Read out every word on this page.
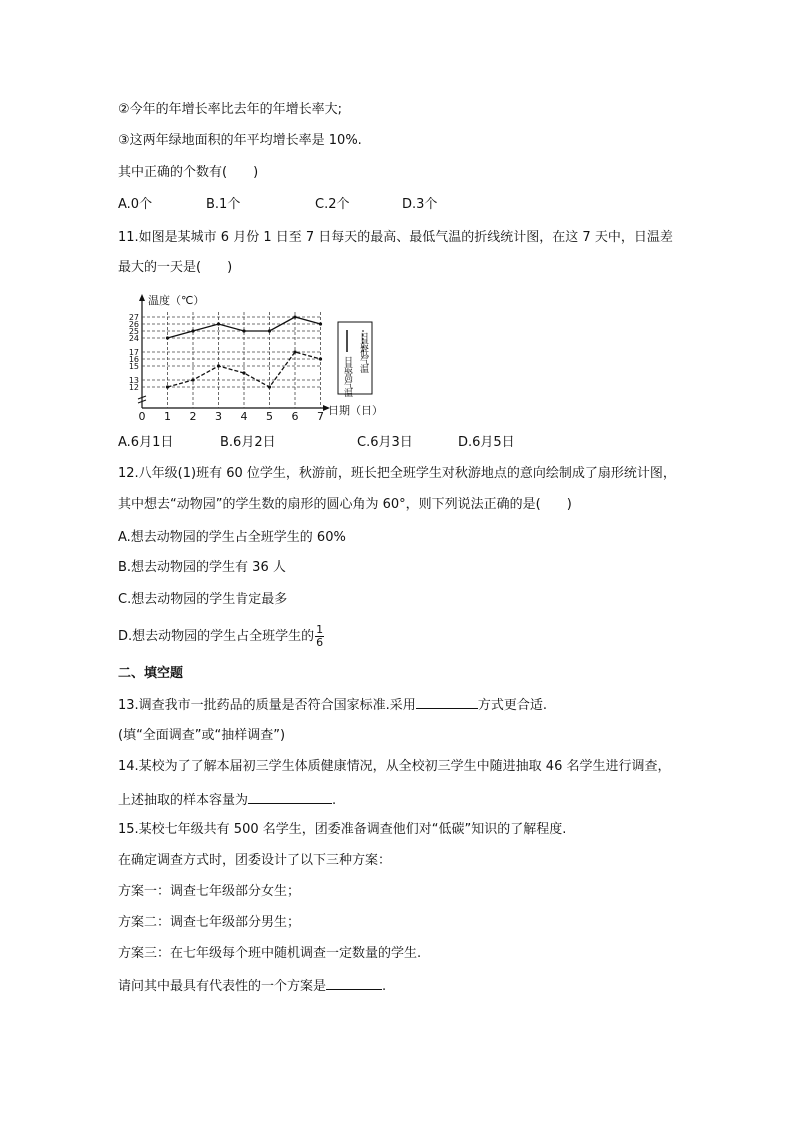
②今年的年增长率比去年的年增长率大;
③这两年绿地面积的年平均增长率是 10%.
其中正确的个数有(　　)
A.0个	B.1个	C.2个	D.3个
11.如图是某城市 6 月份 1 日至 7 日每天的最高、最低气温的折线统计图，在这 7 天中，日温差
最大的一天是(　　)
12
13
15
16
17
24
25
26
27
0 1 2 3 4 5 6 7
温度（℃）
日期（日）
日最高气温
日最低气温
A.6月1日	B.6月2日	C.6月3日	D.6月5日
12.八年级(1)班有 60 位学生，秋游前，班长把全班学生对秋游地点的意向绘制成了扇形统计图，
其中想去“动物园”的学生数的扇形的圆心角为 60°，则下列说法正确的是(　　)
A.想去动物园的学生占全班学生的 60%
B.想去动物园的学生有 36 人
C.想去动物园的学生肯定最多
D.想去动物园的学生占全班学生的 $\frac{1}{6}$
二、填空题
13.调查我市一批药品的质量是否符合国家标准.采用	方式更合适.
(填“全面调查”或“抽样调查”)
14.某校为了了解本届初三学生体质健康情况，从全校初三学生中随进抽取 46 名学生进行调查，
上述抽取的样本容量为	.
15.某校七年级共有 500 名学生，团委准备调查他们对“低碳”知识的了解程度.
在确定调查方式时，团委设计了以下三种方案：
方案一：调查七年级部分女生；
方案二：调查七年级部分男生；
方案三：在七年级每个班中随机调查一定数量的学生.
请问其中最具有代表性的一个方案是	.
